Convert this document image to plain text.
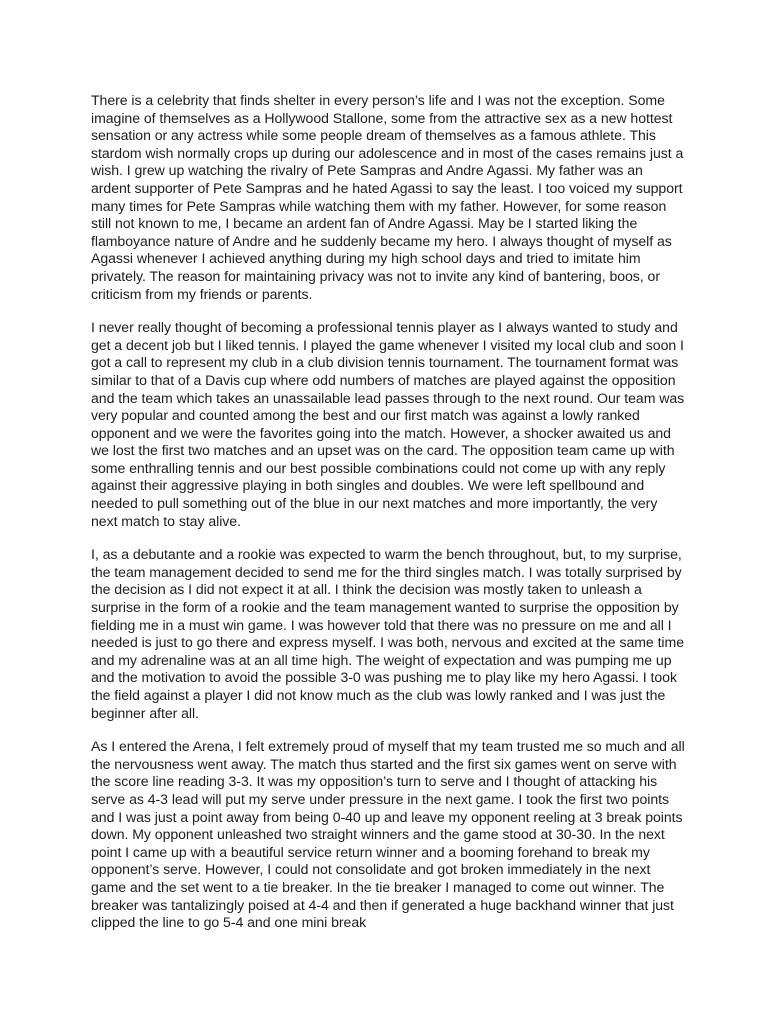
There is a celebrity that finds shelter in every person’s life and I was not the exception. Some imagine of themselves as a Hollywood Stallone, some from the attractive sex as a new hottest sensation or any actress while some people dream of themselves as a famous athlete. This stardom wish normally crops up during our adolescence and in most of the cases remains just a wish. I grew up watching the rivalry of Pete Sampras and Andre Agassi. My father was an ardent supporter of Pete Sampras and he hated Agassi to say the least. I too voiced my support many times for Pete Sampras while watching them with my father. However, for some reason still not known to me, I became an ardent fan of Andre Agassi. May be I started liking the flamboyance nature of Andre and he suddenly became my hero. I always thought of myself as Agassi whenever I achieved anything during my high school days and tried to imitate him privately. The reason for maintaining privacy was not to invite any kind of bantering, boos, or criticism from my friends or parents.

I never really thought of becoming a professional tennis player as I always wanted to study and get a decent job but I liked tennis. I played the game whenever I visited my local club and soon I got a call to represent my club in a club division tennis tournament. The tournament format was similar to that of a Davis cup where odd numbers of matches are played against the opposition and the team which takes an unassailable lead passes through to the next round. Our team was very popular and counted among the best and our first match was against a lowly ranked opponent and we were the favorites going into the match. However, a shocker awaited us and we lost the first two matches and an upset was on the card. The opposition team came up with some enthralling tennis and our best possible combinations could not come up with any reply against their aggressive playing in both singles and doubles. We were left spellbound and needed to pull something out of the blue in our next matches and more importantly, the very next match to stay alive.

I, as a debutante and a rookie was expected to warm the bench throughout, but, to my surprise, the team management decided to send me for the third singles match. I was totally surprised by the decision as I did not expect it at all. I think the decision was mostly taken to unleash a surprise in the form of a rookie and the team management wanted to surprise the opposition by fielding me in a must win game. I was however told that there was no pressure on me and all I needed is just to go there and express myself. I was both, nervous and excited at the same time and my adrenaline was at an all time high. The weight of expectation and was pumping me up and the motivation to avoid the possible 3-0 was pushing me to play like my hero Agassi. I took the field against a player I did not know much as the club was lowly ranked and I was just the beginner after all.

As I entered the Arena, I felt extremely proud of myself that my team trusted me so much and all the nervousness went away. The match thus started and the first six games went on serve with the score line reading 3-3. It was my opposition’s turn to serve and I thought of attacking his serve as 4-3 lead will put my serve under pressure in the next game. I took the first two points and I was just a point away from being 0-40 up and leave my opponent reeling at 3 break points down. My opponent unleashed two straight winners and the game stood at 30-30. In the next point I came up with a beautiful service return winner and a booming forehand to break my opponent’s serve. However, I could not consolidate and got broken immediately in the next game and the set went to a tie breaker. In the tie breaker I managed to come out winner. The breaker was tantalizingly poised at 4-4 and then if generated a huge backhand winner that just clipped the line to go 5-4 and one mini break
